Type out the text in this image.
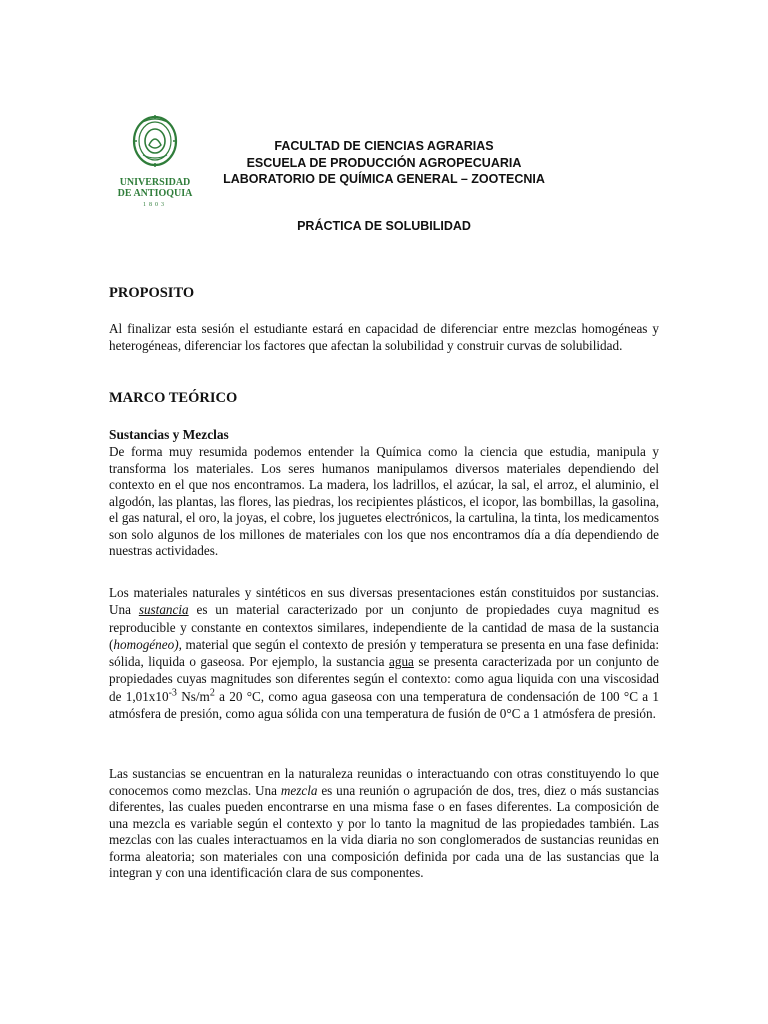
UNIVERSIDAD
DE ANTIOQUIA
1803
FACULTAD DE CIENCIAS AGRARIAS
ESCUELA DE PRODUCCIÓN AGROPECUARIA
LABORATORIO DE QUÍMICA GENERAL – ZOOTECNIA
PRÁCTICA DE SOLUBILIDAD
PROPOSITO

Al finalizar esta sesión el estudiante estará en capacidad de diferenciar entre mezclas homogéneas y heterogéneas, diferenciar los factores que afectan la solubilidad y construir curvas de solubilidad.

MARCO TEÓRICO
Sustancias y Mezclas

De forma muy resumida podemos entender la Química como la ciencia que estudia, manipula y transforma los materiales. Los seres humanos manipulamos diversos materiales dependiendo del contexto en el que nos encontramos. La madera, los ladrillos, el azúcar, la sal, el arroz, el aluminio, el algodón, las plantas, las flores, las piedras, los recipientes plásticos, el icopor, las bombillas, la gasolina, el gas natural, el oro, la joyas, el cobre, los juguetes electrónicos, la cartulina, la tinta, los medicamentos son solo algunos de los millones de materiales con los que nos encontramos día a día dependiendo de nuestras actividades.

Los materiales naturales y sintéticos en sus diversas presentaciones están constituidos por sustancias. Una sustancia es un material caracterizado por un conjunto de propiedades cuya magnitud es reproducible y constante en contextos similares, independiente de la cantidad de masa de la sustancia (homogéneo), material que según el contexto de presión y temperatura se presenta en una fase definida: sólida, liquida o gaseosa. Por ejemplo, la sustancia agua se presenta caracterizada por un conjunto de propiedades cuyas magnitudes son diferentes según el contexto: como agua liquida con una viscosidad de $1,01x10^{-3}$ $Ns/m^2$ a 20 °C, como agua gaseosa con una temperatura de condensación de 100 °C a 1 atmósfera de presión, como agua sólida con una temperatura de fusión de 0°C a 1 atmósfera de presión.

Las sustancias se encuentran en la naturaleza reunidas o interactuando con otras constituyendo lo que conocemos como mezclas. Una mezcla es una reunión o agrupación de dos, tres, diez o más sustancias diferentes, las cuales pueden encontrarse en una misma fase o en fases diferentes. La composición de una mezcla es variable según el contexto y por lo tanto la magnitud de las propiedades también. Las mezclas con las cuales interactuamos en la vida diaria no son conglomerados de sustancias reunidas en forma aleatoria; son materiales con una composición definida por cada una de las sustancias que la integran y con una identificación clara de sus componentes.
